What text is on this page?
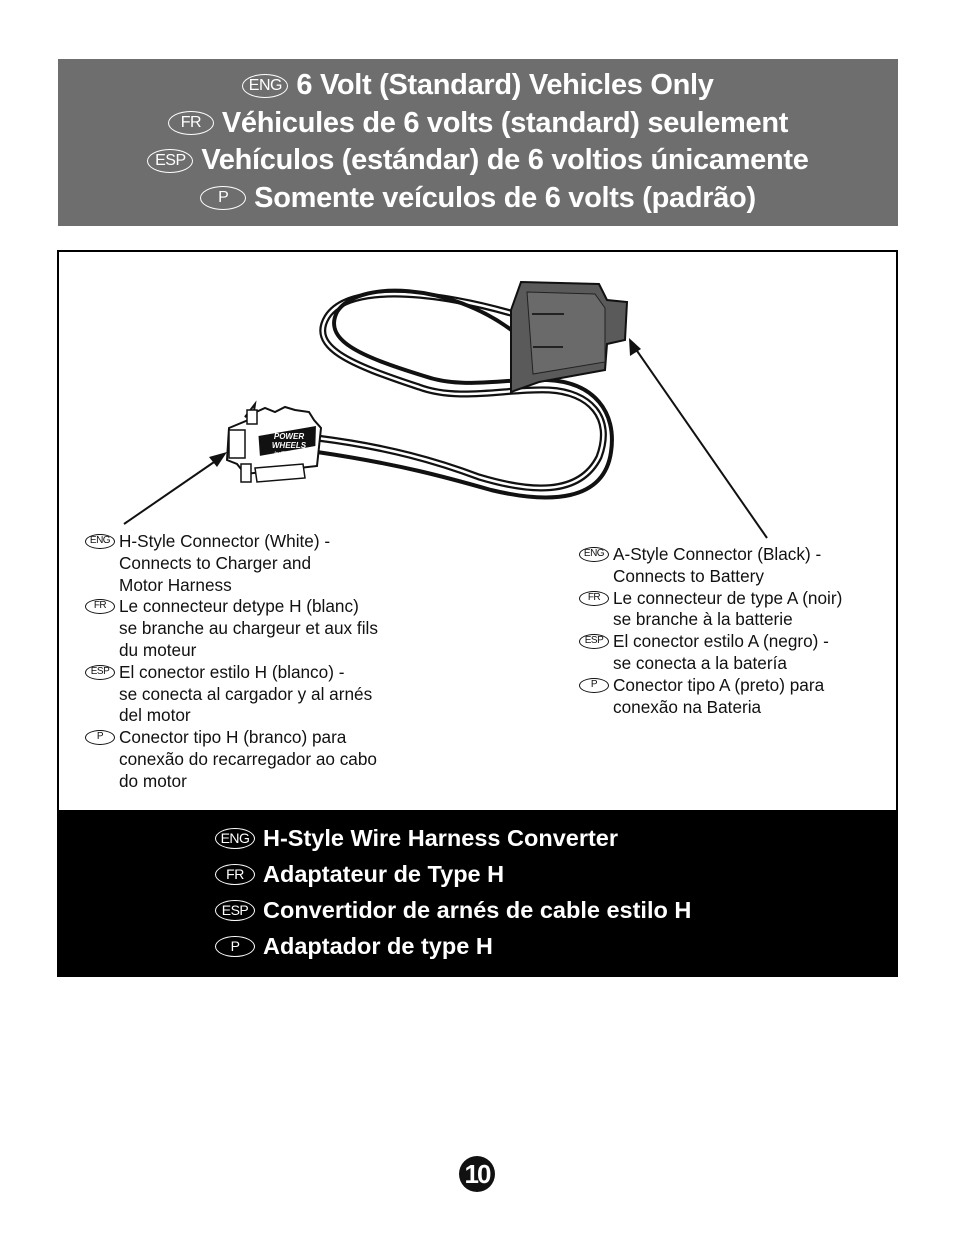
ENG 6 Volt (Standard) Vehicles Only
FR Véhicules de 6 volts (standard) seulement
ESP Vehículos (estándar) de 6 voltios únicamente
P Somente veículos de 6 volts (padrão)
POWER
WHEELS
by Fisher-Price
ENG H-Style Connector (White) -
Connects to Charger and
Motor Harness
FR Le connecteur detype H (blanc)
se branche au chargeur et aux fils
du moteur
ESP El conector estilo H (blanco) -
se conecta al cargador y al arnés
del motor
P Conector tipo H (branco) para
conexão do recarregador ao cabo
do motor
ENG A-Style Connector (Black) -
Connects to Battery
FR Le connecteur de type A (noir)
se branche à la batterie
ESP El conector estilo A (negro) -
se conecta a la batería
P Conector tipo A (preto) para
conexão na Bateria
ENG H-Style Wire Harness Converter
FR Adaptateur de Type H
ESP Convertidor de arnés de cable estilo H
P	Adaptador de type H
10
